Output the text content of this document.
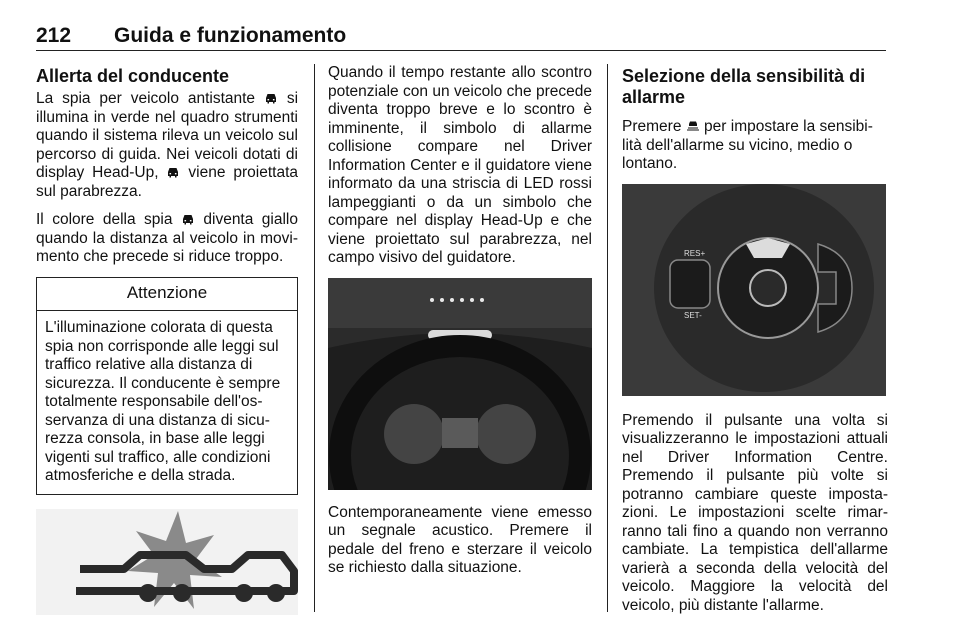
212 Guida e funzionamento
Allerta del conducente

La spia per veicolo antistante  si illumina in verde nel quadro strumenti quando il sistema rileva un veicolo sul percorso di guida. Nei veicoli dotati di display Head-Up,  viene proiettata sul parabrezza.

Il colore della spia  diventa giallo quando la distanza al veicolo in movi-mento che precede si riduce troppo.

Attenzione
L'illuminazione colorata di questa spia non corrisponde alle leggi sul traffico relative alla distanza di sicurezza. Il conducente è sempre totalmente responsabile dell'os-servanza di una distanza di sicu-rezza consola, in base alle leggi vigenti sul traffico, alle condizioni atmosferiche e della strada.

Quando il tempo restante allo scontro potenziale con un veicolo che precede diventa troppo breve e lo scontro è imminente, il simbolo di allarme collisione compare nel Driver Information Center e il guidatore viene informato da una striscia di LED rossi lampeggianti o da un simbolo che compare nel display Head-Up e che viene proiettato sul parabrezza, nel campo visivo del guidatore.

Contemporaneamente viene emesso un segnale acustico. Premere il pedale del freno e sterzare il veicolo se richiesto dalla situazione.

Selezione della sensibilità di allarme

Premere  per impostare la sensibi-lità dell'allarme su vicino, medio o lontano.

RES+
SET-

Premendo il pulsante una volta si visualizzeranno le impostazioni attuali nel Driver Information Centre. Premendo il pulsante più volte si potranno cambiare queste imposta-zioni. Le impostazioni scelte rimar-ranno tali fino a quando non verranno cambiate. La tempistica dell'allarme varierà a seconda della velocità del veicolo. Maggiore la velocità del veicolo, più distante l'allarme.
